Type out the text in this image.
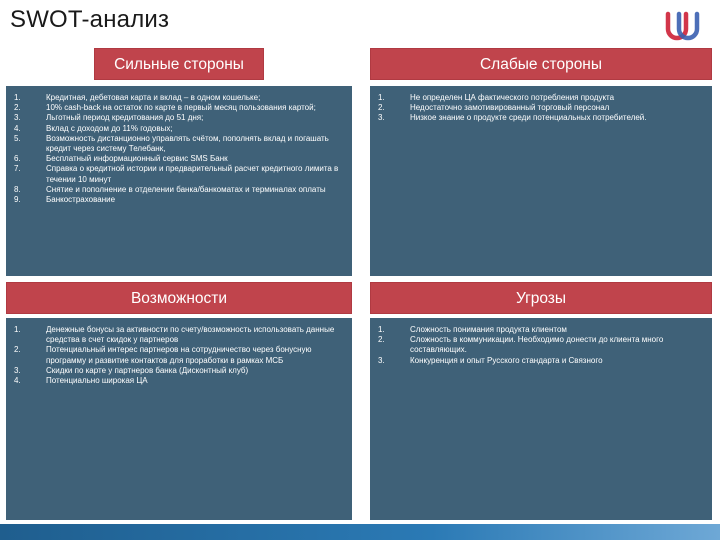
SWOT-анализ
Сильные стороны
1.	Кредитная, дебетовая карта и вклад – в одном кошельке;
2.	10% cash-back на остаток по карте в первый месяц пользования картой;
3.	Льготный период кредитования до 51 дня;
4.	Вклад с доходом до 11% годовых;
5.	Возможность дистанционно управлять счётом, пополнять вклад и погашать кредит через систему Телебанк,
6.	Бесплатный информационный сервис SMS Банк
7.	Справка о кредитной истории и предварительный расчет кредитного лимита в течении 10 минут
8.	Снятие и пополнение в отделении банка/банкоматах и терминалах оплаты
9.	Банкострахование
Слабые стороны
1.	Не определен ЦА фактического потребления продукта
2.	Недостаточно замотивированный торговый персонал
3.	Низкое знание о продукте среди потенциальных потребителей.
Возможности
1.	Денежные бонусы за активности по счету/возможность использовать данные средства в счет скидок у партнеров
2.	Потенциальный интерес партнеров на сотрудничество через бонусную программу и развитие контактов для проработки в рамках МСБ
3.	Скидки по карте у партнеров банка (Дисконтный клуб)
4.	Потенциально широкая ЦА
Угрозы
1.	Сложность понимания продукта клиентом
2.	Сложность в коммуникации. Необходимо донести до клиента много составляющих.
3.	Конкуренция и опыт Русского стандарта и Связного
